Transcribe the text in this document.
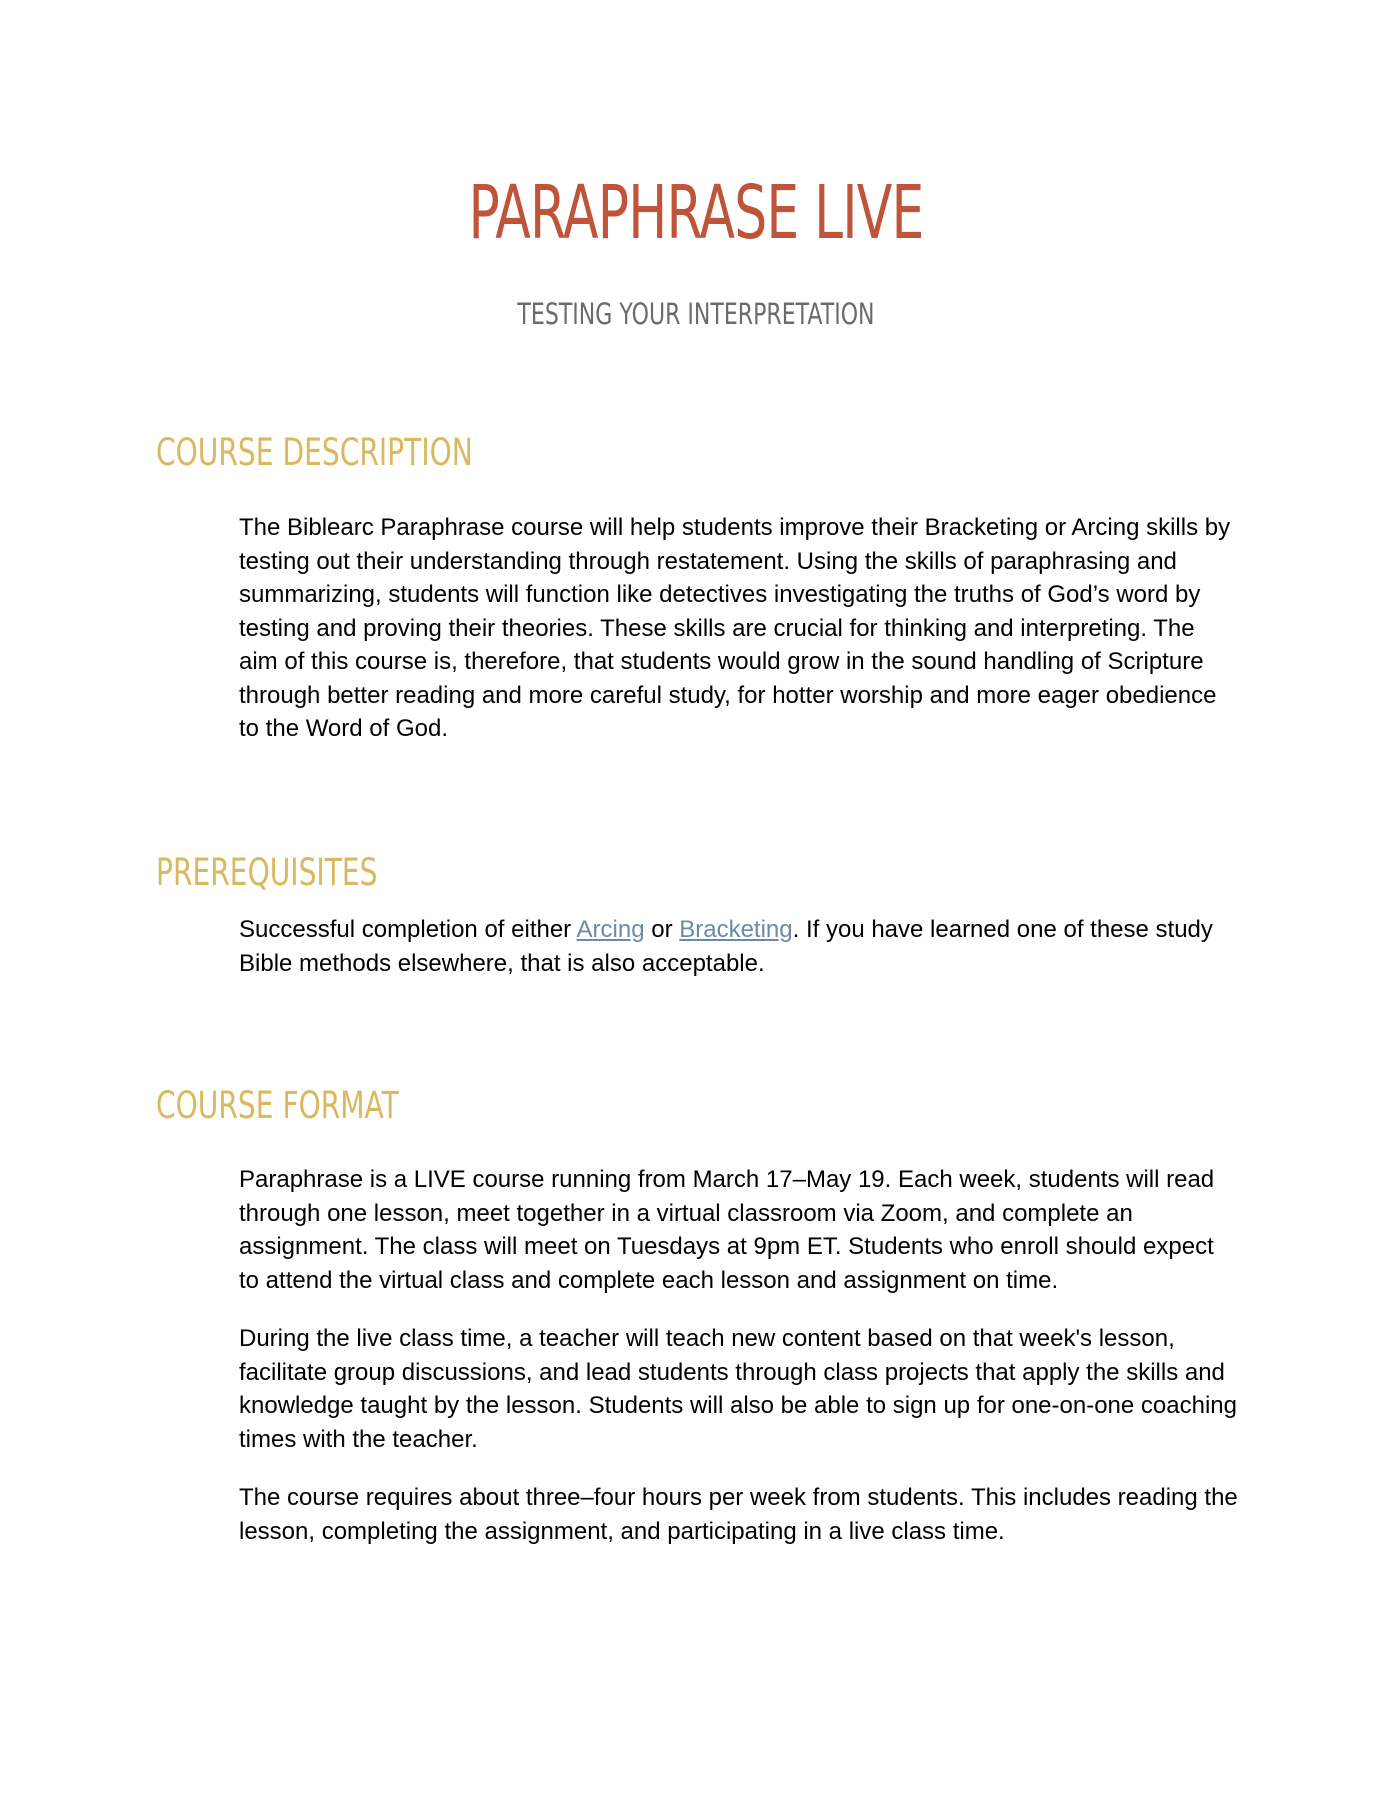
PARAPHRASE LIVE
TESTING YOUR INTERPRETATION
COURSE DESCRIPTION

The Biblearc Paraphrase course will help students improve their Bracketing or Arcing skills by testing out their understanding through restatement. Using the skills of paraphrasing and summarizing, students will function like detectives investigating the truths of God’s word by testing and proving their theories. These skills are crucial for thinking and interpreting. The aim of this course is, therefore, that students would grow in the sound handling of Scripture through better reading and more careful study, for hotter worship and more eager obedience to the Word of God.

PREREQUISITES

Successful completion of either Arcing or Bracketing. If you have learned one of these study Bible methods elsewhere, that is also acceptable.

COURSE FORMAT

Paraphrase is a LIVE course running from March 17–May 19. Each week, students will read through one lesson, meet together in a virtual classroom via Zoom, and complete an assignment. The class will meet on Tuesdays at 9pm ET. Students who enroll should expect to attend the virtual class and complete each lesson and assignment on time.

During the live class time, a teacher will teach new content based on that week's lesson, facilitate group discussions, and lead students through class projects that apply the skills and knowledge taught by the lesson. Students will also be able to sign up for one-on-one coaching times with the teacher.

The course requires about three–four hours per week from students. This includes reading the lesson, completing the assignment, and participating in a live class time.
